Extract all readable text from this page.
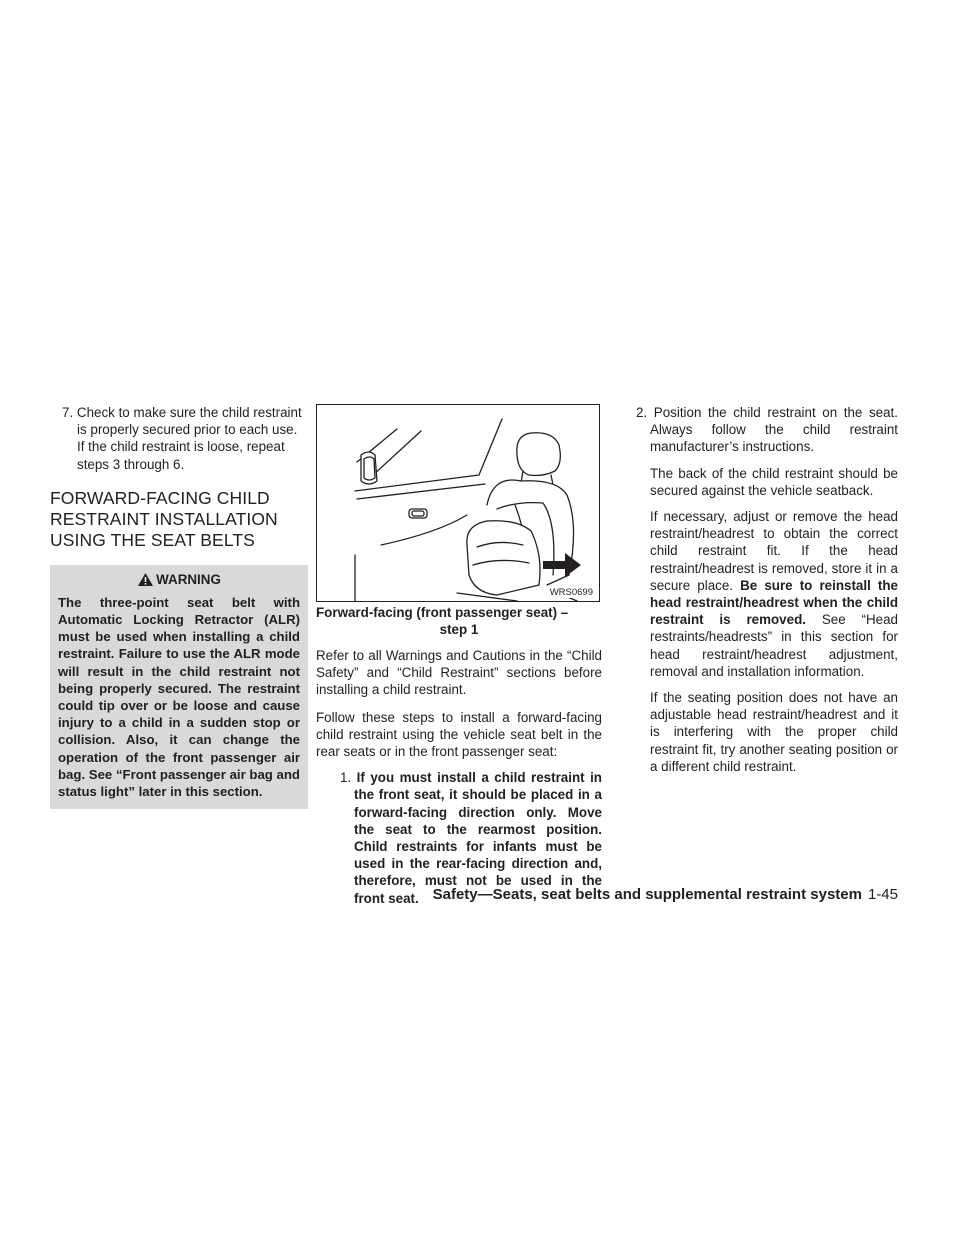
7. Check to make sure the child restraint is properly secured prior to each use. If the child restraint is loose, repeat steps 3 through 6.

FORWARD-FACING CHILD RESTRAINT INSTALLATION USING THE SEAT BELTS
WARNING

The three-point seat belt with Automatic Locking Retractor (ALR) must be used when installing a child restraint. Failure to use the ALR mode will result in the child restraint not being properly secured. The restraint could tip over or be loose and cause injury to a child in a sudden stop or collision. Also, it can change the operation of the front passenger air bag. See “Front passenger air bag and status light” later in this section.

WRS0699

Forward-facing (front passenger seat) –
step 1

Refer to all Warnings and Cautions in the “Child Safety” and “Child Restraint” sections before installing a child restraint.

Follow these steps to install a forward-facing child restraint using the vehicle seat belt in the rear seats or in the front passenger seat:

1. If you must install a child restraint in the front seat, it should be placed in a forward-facing direction only. Move the seat to the rearmost position. Child restraints for infants must be used in the rear-facing direction and, therefore, must not be used in the front seat.

2. Position the child restraint on the seat. Always follow the child restraint manufacturer’s instructions.

The back of the child restraint should be secured against the vehicle seatback.

If necessary, adjust or remove the head restraint/headrest to obtain the correct child restraint fit. If the head restraint/headrest is removed, store it in a secure place. Be sure to reinstall the head restraint/headrest when the child restraint is removed. See “Head restraints/headrests” in this section for head restraint/headrest adjustment, removal and installation information.

If the seating position does not have an adjustable head restraint/headrest and it is interfering with the proper child restraint fit, try another seating position or a different child restraint.

Safety—Seats, seat belts and supplemental restraint system 1-45
